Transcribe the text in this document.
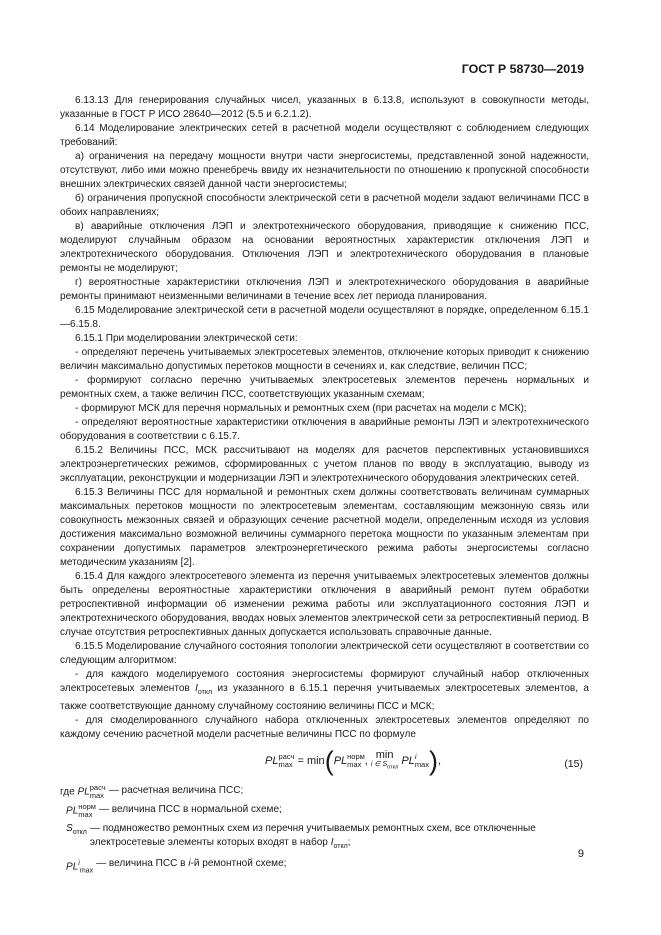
ГОСТ Р 58730—2019

6.13.13 Для генерирования случайных чисел, указанных в 6.13.8, используют в совокупности методы, указанные в ГОСТ Р ИСО 28640—2012 (5.5 и 6.2.1.2).

6.14 Моделирование электрических сетей в расчетной модели осуществляют с соблюдением следующих требований:

а) ограничения на передачу мощности внутри части энергосистемы, представленной зоной надежности, отсутствуют, либо ими можно пренебречь ввиду их незначительности по отношению к пропускной способности внешних электрических связей данной части энергосистемы;

б) ограничения пропускной способности электрической сети в расчетной модели задают величинами ПСС в обоих направлениях;

в) аварийные отключения ЛЭП и электротехнического оборудования, приводящие к снижению ПСС, моделируют случайным образом на основании вероятностных характеристик отключения ЛЭП и электротехнического оборудования. Отключения ЛЭП и электротехнического оборудования в плановые ремонты не моделируют;

г) вероятностные характеристики отключения ЛЭП и электротехнического оборудования в аварийные ремонты принимают неизменными величинами в течение всех лет периода планирования.

6.15 Моделирование электрической сети в расчетной модели осуществляют в порядке, определенном 6.15.1—6.15.8.

6.15.1 При моделировании электрической сети:

- определяют перечень учитываемых электросетевых элементов, отключение которых приводит к снижению величин максимально допустимых перетоков мощности в сечениях и, как следствие, величин ПСС;

- формируют согласно перечню учитываемых электросетевых элементов перечень нормальных и ремонтных схем, а также величин ПСС, соответствующих указанным схемам;

- формируют МСК для перечня нормальных и ремонтных схем (при расчетах на модели с МСК);

- определяют вероятностные характеристики отключения в аварийные ремонты ЛЭП и электротехнического оборудования в соответствии с 6.15.7.

6.15.2 Величины ПСС, МСК рассчитывают на моделях для расчетов перспективных установившихся электроэнергетических режимов, сформированных с учетом планов по вводу в эксплуатацию, выводу из эксплуатации, реконструкции и модернизации ЛЭП и электротехнического оборудования электрических сетей.

6.15.3 Величины ПСС для нормальной и ремонтных схем должны соответствовать величинам суммарных максимальных перетоков мощности по электросетевым элементам, составляющим межзонную связь или совокупность межзонных связей и образующих сечение расчетной модели, определенным исходя из условия достижения максимально возможной величины суммарного перетока мощности по указанным элементам при сохранении допустимых параметров электроэнергетического режима работы энергосистемы согласно методическим указаниям [2].

6.15.4 Для каждого электросетевого элемента из перечня учитываемых электросетевых элементов должны быть определены вероятностные характеристики отключения в аварийный ремонт путем обработки ретроспективной информации об изменении режима работы или эксплуатационного состояния ЛЭП и электротехнического оборудования, вводах новых элементов электрической сети за ретроспективный период. В случае отсутствия ретроспективных данных допускается использовать справочные данные.

6.15.5 Моделирование случайного состояния топологии электрической сети осуществляют в соответствии со следующим алгоритмом:

- для каждого моделируемого состояния энергосистемы формируют случайный набор отключенных электросетевых элементов $I_{откл}$ из указанного в 6.15.1 перечня учитываемых электросетевых элементов, а также соответствующие данному случайному состоянию величины ПСС и МСК;

- для смоделированного случайного набора отключенных электросетевых элементов определяют по каждому сечению расчетной модели расчетные величины ПСС по формуле

PL расч
max = min(PL норм
max , min
i ∈ $S_{откл}$
PL i
max ),	(15)
где PL расч
max — расчетная величина ПСС;
PL норм
max — величина ПСС в нормальной схеме;
$S_{откл}$ — подмножество ремонтных схем из перечня учитываемых ремонтных схем, все отключенные электросетевые элементы которых входят в набор $I_{откл}$;
$PL^i_{max}$
— величина ПСС в i-й ремонтной схеме;
9
